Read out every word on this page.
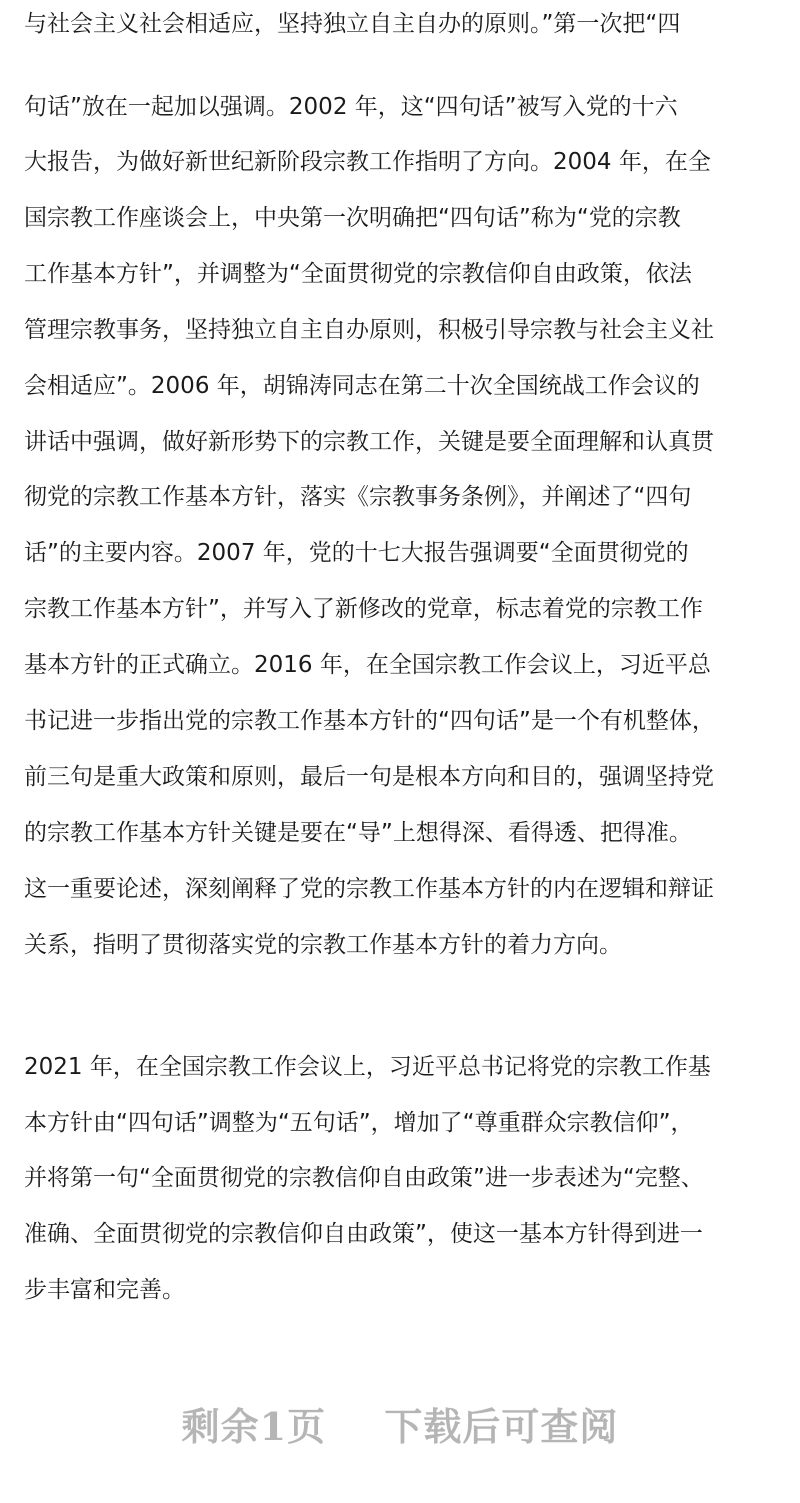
与社会主义社会相适应，坚持独立自主自办的原则。”第一次把“四
句话”放在一起加以强调。2002 年，这“四句话”被写入党的十六
大报告，为做好新世纪新阶段宗教工作指明了方向。2004 年，在全
国宗教工作座谈会上，中央第一次明确把“四句话”称为“党的宗教
工作基本方针”，并调整为“全面贯彻党的宗教信仰自由政策，依法
管理宗教事务，坚持独立自主自办原则，积极引导宗教与社会主义社
会相适应”。2006 年，胡锦涛同志在第二十次全国统战工作会议的
讲话中强调，做好新形势下的宗教工作，关键是要全面理解和认真贯
彻党的宗教工作基本方针，落实《宗教事务条例》，并阐述了“四句
话”的主要内容。2007 年，党的十七大报告强调要“全面贯彻党的
宗教工作基本方针”，并写入了新修改的党章，标志着党的宗教工作
基本方针的正式确立。2016 年，在全国宗教工作会议上，习近平总
书记进一步指出党的宗教工作基本方针的“四句话”是一个有机整体，
前三句是重大政策和原则，最后一句是根本方向和目的，强调坚持党
的宗教工作基本方针关键是要在“导”上想得深、看得透、把得准。
这一重要论述，深刻阐释了党的宗教工作基本方针的内在逻辑和辩证
关系，指明了贯彻落实党的宗教工作基本方针的着力方向。
2021 年，在全国宗教工作会议上，习近平总书记将党的宗教工作基
本方针由“四句话”调整为“五句话”，增加了“尊重群众宗教信仰”，
并将第一句“全面贯彻党的宗教信仰自由政策”进一步表述为“完整、
准确、全面贯彻党的宗教信仰自由政策”，使这一基本方针得到进一
步丰富和完善。
剩余1页 下载后可查阅
